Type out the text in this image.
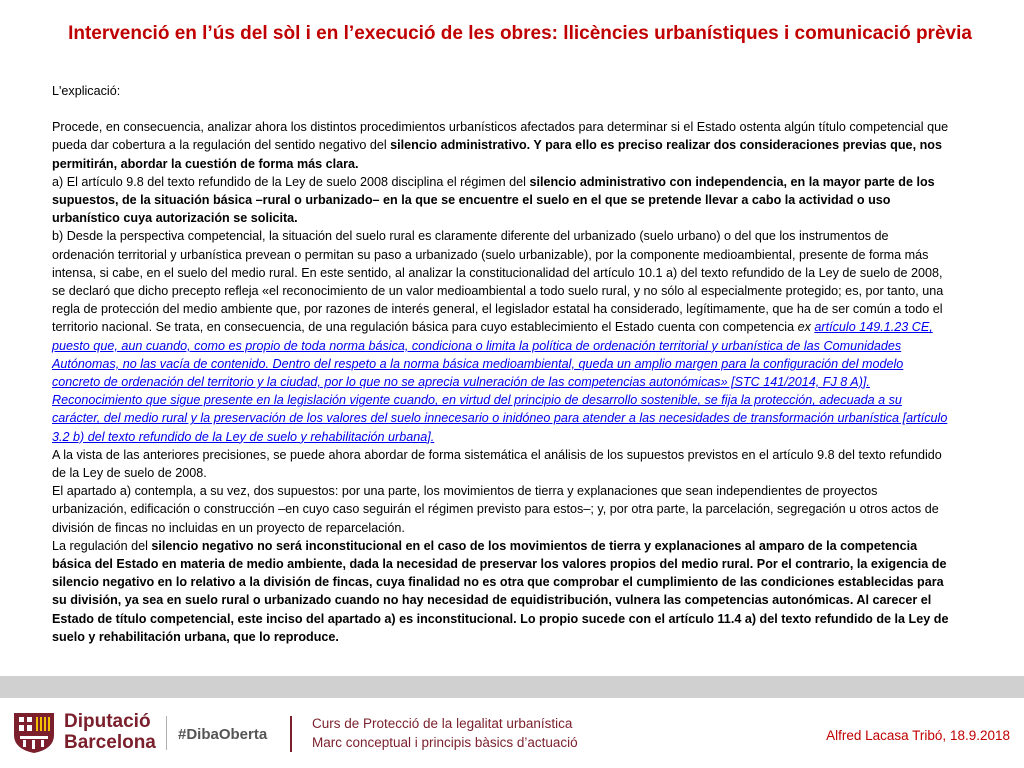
Intervenció en l’ús del sòl i en l’execució de les obres: llicències urbanístiques i comunicació prèvia

L'explicació:

Procede, en consecuencia, analizar ahora los distintos procedimientos urbanísticos afectados para determinar si el Estado ostenta algún título competencial que pueda dar cobertura a la regulación del sentido negativo del silencio administrativo. Y para ello es preciso realizar dos consideraciones previas que, nos permitirán, abordar la cuestión de forma más clara.

a) El artículo 9.8 del texto refundido de la Ley de suelo 2008 disciplina el régimen del silencio administrativo con independencia, en la mayor parte de los supuestos, de la situación básica –rural o urbanizado– en la que se encuentre el suelo en el que se pretende llevar a cabo la actividad o uso urbanístico cuya autorización se solicita.

b) Desde la perspectiva competencial, la situación del suelo rural es claramente diferente del urbanizado (suelo urbano) o del que los instrumentos de ordenación territorial y urbanística prevean o permitan su paso a urbanizado (suelo urbanizable), por la componente medioambiental, presente de forma más intensa, si cabe, en el suelo del medio rural. En este sentido, al analizar la constitucionalidad del artículo 10.1 a) del texto refundido de la Ley de suelo de 2008, se declaró que dicho precepto refleja «el reconocimiento de un valor medioambiental a todo suelo rural, y no sólo al especialmente protegido; es, por tanto, una regla de protección del medio ambiente que, por razones de interés general, el legislador estatal ha considerado, legítimamente, que ha de ser común a todo el territorio nacional. Se trata, en consecuencia, de una regulación básica para cuyo establecimiento el Estado cuenta con competencia ex artículo 149.1.23 CE, puesto que, aun cuando, como es propio de toda norma básica, condiciona o limita la política de ordenación territorial y urbanística de las Comunidades Autónomas, no las vacía de contenido. Dentro del respeto a la norma básica medioambiental, queda un amplio margen para la configuración del modelo concreto de ordenación del territorio y la ciudad, por lo que no se aprecia vulneración de las competencias autonómicas» [STC 141/2014, FJ 8 A)]. Reconocimiento que sigue presente en la legislación vigente cuando, en virtud del principio de desarrollo sostenible, se fija la protección, adecuada a su carácter, del medio rural y la preservación de los valores del suelo innecesario o inidóneo para atender a las necesidades de transformación urbanística [artículo 3.2 b) del texto refundido de la Ley de suelo y rehabilitación urbana].

A la vista de las anteriores precisiones, se puede ahora abordar de forma sistemática el análisis de los supuestos previstos en el artículo 9.8 del texto refundido de la Ley de suelo de 2008.

El apartado a) contempla, a su vez, dos supuestos: por una parte, los movimientos de tierra y explanaciones que sean independientes de proyectos urbanización, edificación o construcción –en cuyo caso seguirán el régimen previsto para estos–; y, por otra parte, la parcelación, segregación u otros actos de división de fincas no incluidas en un proyecto de reparcelación.

La regulación del silencio negativo no será inconstitucional en el caso de los movimientos de tierra y explanaciones al amparo de la competencia básica del Estado en materia de medio ambiente, dada la necesidad de preservar los valores propios del medio rural. Por el contrario, la exigencia de silencio negativo en lo relativo a la división de fincas, cuya finalidad no es otra que comprobar el cumplimiento de las condiciones establecidas para su división, ya sea en suelo rural o urbanizado cuando no hay necesidad de equidistribución, vulnera las competencias autonómicas. Al carecer el Estado de título competencial, este inciso del apartado a) es inconstitucional. Lo propio sucede con el artículo 11.4 a) del texto refundido de la Ley de suelo y rehabilitación urbana, que lo reproduce.

Diputació
Barcelona #DibaOberta
Curs de Protecció de la legalitat urbanística
Marc conceptual i principis bàsics d’actuació	Alfred Lacasa Tribó, 18.9.2018
